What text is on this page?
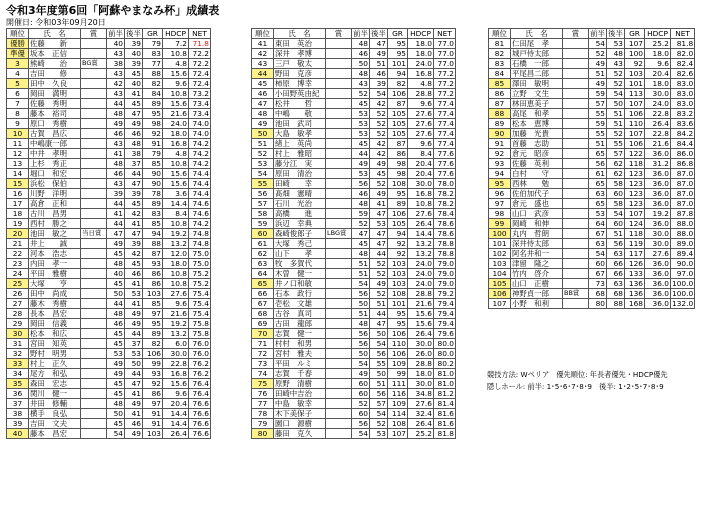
令和3年度第6回「阿蘇やまなみ杯」成績表
開催日: 令和03年09月20日
順位	氏　名	賞	前半	後半	GR	HDCP	NET
優勝	佐藤　　新		40	39	79	7.2	71.8
準優	坂本　正信		43	40	83	10.8	72.2
3	熊崎　　治	BG賞	38	39	77	4.8	72.2
4	吉田　　修		43	45	88	15.6	72.4
5	田中　久良		42	40	82	9.6	72.4
6	岡田　満明		43	41	84	10.8	73.2
7	佐藤　秀明		44	45	89	15.6	73.4
8	藤本　裕司		48	47	95	21.6	73.4
9	原口　秀樹		49	49	98	24.0	74.0
10	古賀　昌広		46	46	92	18.0	74.0
11	中嶋康一郎		43	48	91	16.8	74.2
12	中井　孝明		41	38	79	4.8	74.2
13	上杉　秀正		48	37	85	10.8	74.2
14	堀口　和宏		46	44	90	15.6	74.4
15	浜松　保伯		43	47	90	15.6	74.4
16	川野　洋明		39	39	78	3.6	74.4
17	高倉　正和		44	45	89	14.4	74.6
18	古川　昌男		41	42	83	8.4	74.6
19	西村　勝之		44	41	85	10.8	74.2
20	池田　敏之	当日賞	47	47	94	19.2	74.8
21	井上　　誠		49	39	88	13.2	74.8
22	河本　浩志		45	42	87	12.0	75.0
23	内田　孝一		48	45	93	18.0	75.0
24	平田　雅樹		40	46	86	10.8	75.2
25	大塚　　亨		45	41	86	10.8	75.2
26	田中　尚成		50	53	103	27.6	75.4
27	藤木　秀樹		44	41	85	9.6	75.4
28	長本　昌宏		48	49	97	21.6	75.4
29	岡田　信義		46	49	95	19.2	75.8
30	松本　和広		45	44	89	13.2	75.8
31	宮田　知英		45	37	82	6.0	76.0
32	野村　明男		53	53	106	30.0	76.0
33	村上　正久		49	50	99	22.8	76.2
34	尾方　和弘		49	44	93	16.8	76.2
35	森田　宏志		45	47	92	15.6	76.4
36	関川　健一		45	41	86	9.6	76.4
37	井田　修輔		48	49	97	20.4	76.6
38	横手　良弘		50	41	91	14.4	76.6
39	吉田　文夫		45	46	91	14.4	76.6
40	藤本　昌宏		54	49	103	26.4	76.6
順位	氏　名	賞	前半	後半	GR	HDCP	NET
41	東田　英治		48	47	95	18.0	77.0
42	深井　孝博		46	49	95	18.0	77.0
43	三戸　敬太		50	51	101	24.0	77.0
44	野田　克彦		48	46	94	16.8	77.2
45	柿原　博幸		43	39	82	4.8	77.2
46	小田野英由紀		52	54	106	28.8	77.2
47	松井　　哲		45	42	87	9.6	77.4
48	中嶋　　敬		53	52	105	27.6	77.4
49	池田　武司		53	52	105	27.6	77.4
50	大島　敏孝		53	52	105	27.6	77.4
51	緒上　英尚		45	42	87	9.6	77.4
52	村上　雅昭		44	42	86	8.4	77.6
53	藤分江　実		49	49	98	20.4	77.6
54	原田　清治		53	45	98	20.4	77.6
55	田崎　　幸		56	52	108	30.0	78.0
56	髙畑　憲晴		46	49	95	16.8	78.2
57	石川　光治		48	41	89	10.8	78.2
58	高橋　　進		59	47	106	27.6	78.4
59	浜辺　幸典		52	53	105	26.4	78.6
60	森崎俊郎子	LBG賞	47	47	94	14.4	78.6
61	大塚　秀己		45	47	92	13.2	78.8
62	山下　　孝		48	44	92	13.2	78.8
63	牧　多賀代		51	52	103	24.0	79.0
64	木曽　健一		51	52	103	24.0	79.0
65	井ノ口和敏		54	49	103	24.0	79.0
66	石本　政行		56	52	108	28.8	79.2
67	壱松　文雄		50	51	101	21.6	79.4
68	古谷　真司		51	44	95	15.6	79.4
69	古田　龍郎		48	47	95	15.6	79.4
70	志賀　健一		56	50	106	26.4	79.6
71	村村　和男		56	54	110	30.0	80.0
72	宮村　雅夫		50	56	106	26.0	80.0
73	平田　ルミ		54	55	109	28.8	80.2
74	志賀　千春		49	50	99	18.0	81.0
75	原野　清樹		60	51	111	30.0	81.0
76	田崎中吉治		60	56	116	34.8	81.2
77	中島　敏幸		52	57	109	27.6	81.4
78	木下美保子		60	54	114	32.4	81.6
79	園口　源樹		56	52	108	26.4	81.6
80	藤田　克久		54	53	107	25.2	81.8
順位	氏　名	賞	前半	後半	GR	HDCP	NET
81	仁田尾　孝		54	53	107	25.2	81.8
82	城戸侍太郎		52	48	100	18.0	82.0
83	石橋　一郎		49	43	92	9.6	82.4
84	平尾昌二郎		51	52	103	20.4	82.6
85	澤田　敏明		49	52	101	18.0	83.0
86	立野　文生		59	54	113	30.0	83.0
87	林田恵美子		57	50	107	24.0	83.0
88	高尾　和孝		55	51	106	22.8	83.2
89	松本　恵博		59	51	110	26.4	83.6
90	加藤　光貴		55	52	107	22.8	84.2
91	首藤　志助		51	55	106	21.6	84.4
92	倉元　昭彦		65	57	122	36.0	86.0
93	佐藤　英利		56	62	118	31.2	86.8
94	白村　　守		61	62	123	36.0	87.0
95	西林　　勉		65	58	123	36.0	87.0
96	佐伯加代子		63	60	123	36.0	87.0
97	倉元　盛也		65	58	123	36.0	87.0
98	山口　武彦		53	54	107	19.2	87.8
99	岡崎　和伸		64	60	124	36.0	88.0
100	丸内　哲朗		67	51	118	30.0	88.0
101	深井侍太郎		63	56	119	30.0	89.0
102	阿名井和一		54	63	117	27.6	89.4
103	津留　隆之		60	66	126	36.0	90.0
104	竹内　啓介		67	66	133	36.0	97.0
105	山口　正樹		73	63	136	36.0	100.0
106	神野貞一郎	BB賞	68	68	136	36.0	100.0
107	小野　和利		80	88	168	36.0	132.0
競技方法: Wペリア　優先順位: 年長者優先・HDCP優先
隠しホール: 前半: 1･5･6･7･8･9　後半: 1･2･5･7･8･9
